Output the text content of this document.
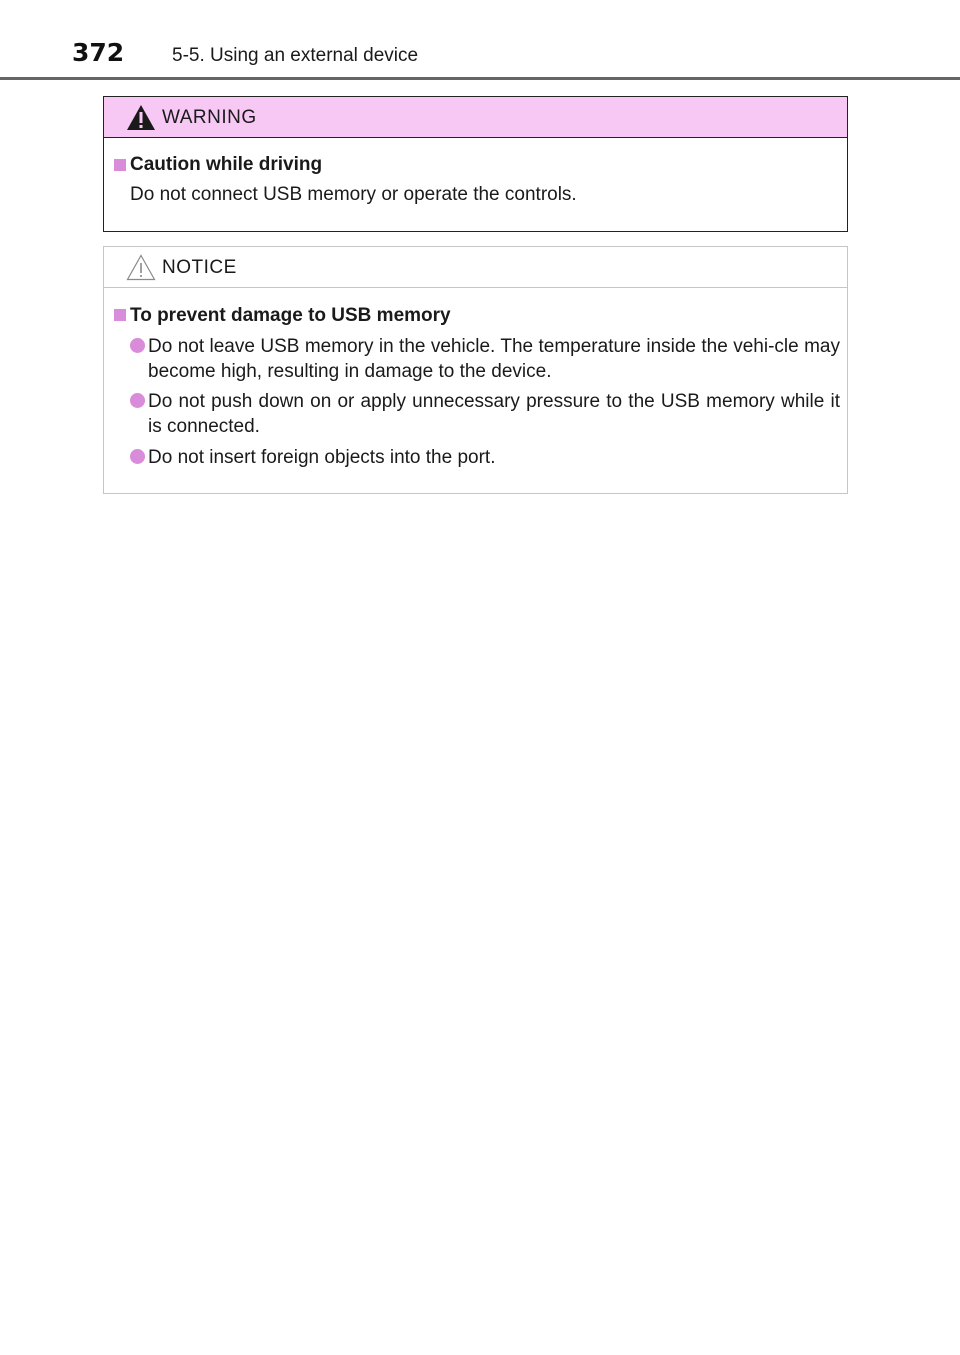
372	5-5. Using an external device
WARNING
Caution while driving
Do not connect USB memory or operate the controls.
NOTICE
To prevent damage to USB memory
Do not leave USB memory in the vehicle. The temperature inside the vehi-cle may become high, resulting in damage to the device.
Do not push down on or apply unnecessary pressure to the USB memory while it is connected.
Do not insert foreign objects into the port.
